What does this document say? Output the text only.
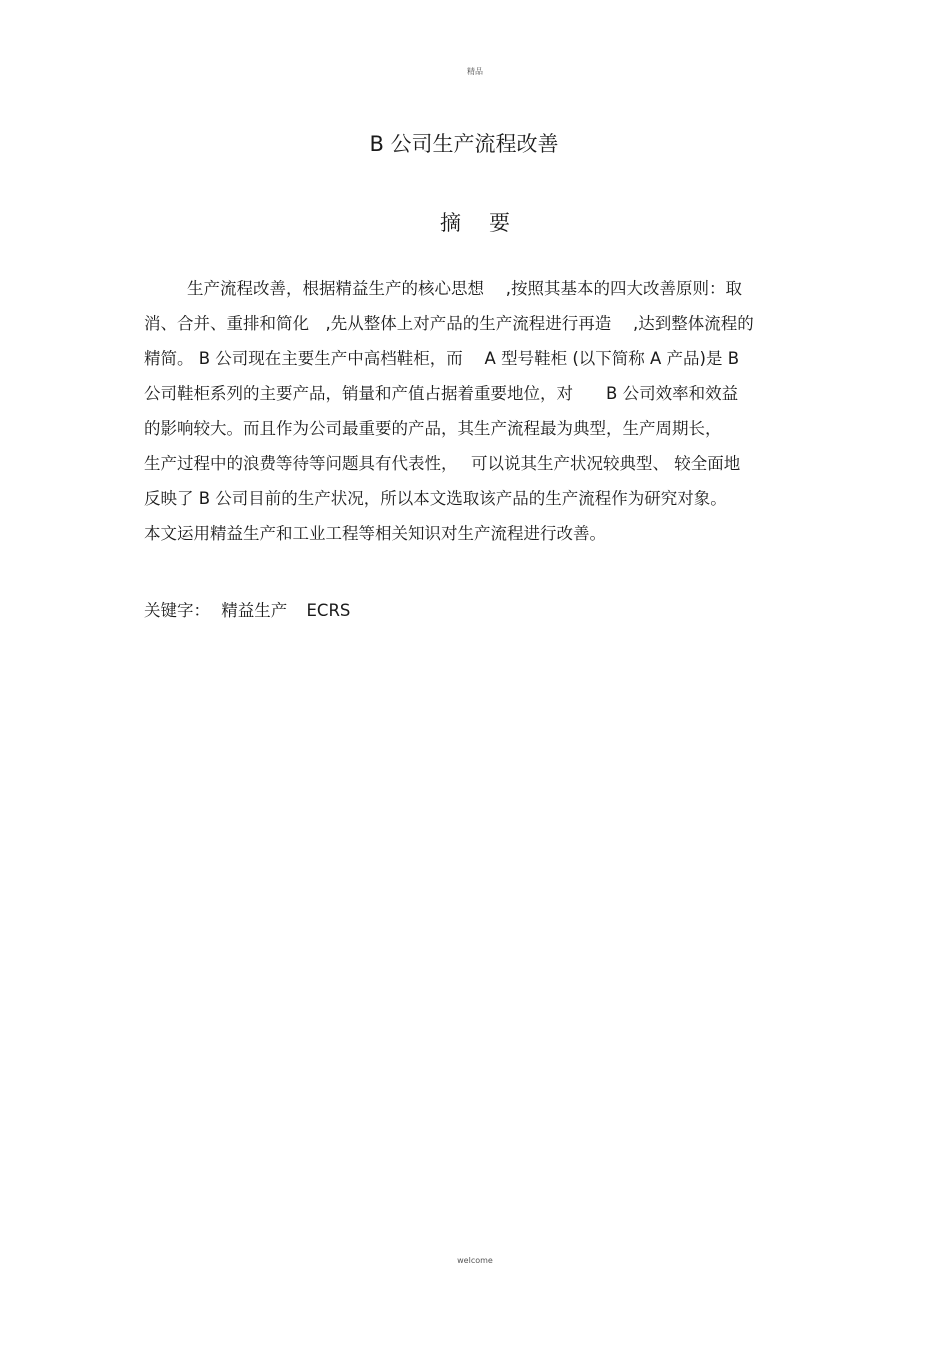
精品
B 公司生产流程改善
摘要
生产流程改善，根据精益生产的核心思想　 ,按照其基本的四大改善原则：取
消、合并、重排和简化　,先从整体上对产品的生产流程进行再造　 ,达到整体流程的
精简。 B 公司现在主要生产中高档鞋柜，而　 A 型号鞋柜 (以下简称 A 产品)是 B
公司鞋柜系列的主要产品，销量和产值占据着重要地位，对　　B 公司效率和效益
的影响较大。而且作为公司最重要的产品，其生产流程最为典型，生产周期长，
生产过程中的浪费等待等问题具有代表性，　 可以说其生产状况较典型、 较全面地
反映了 B 公司目前的生产状况，所以本文选取该产品的生产流程作为研究对象。
本文运用精益生产和工业工程等相关知识对生产流程进行改善。
关键字： 精益生产 ECRS
welcome
